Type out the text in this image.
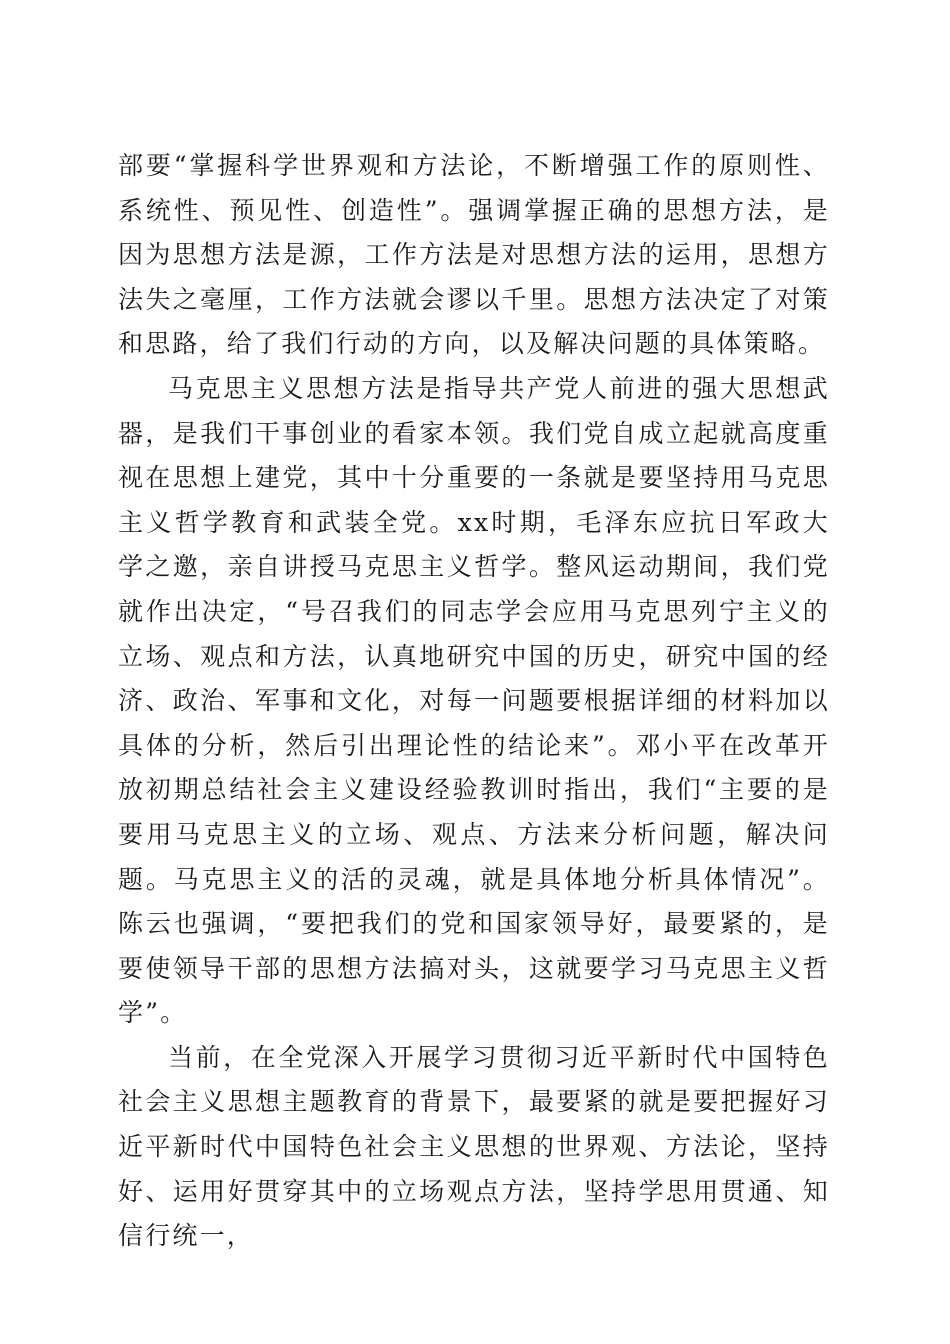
部要“掌握科学世界观和方法论，不断增强工作的原则性、系统性、预见性、创造性”。强调掌握正确的思想方法，是因为思想方法是源，工作方法是对思想方法的运用，思想方法失之毫厘，工作方法就会谬以千里。思想方法决定了对策和思路，给了我们行动的方向，以及解决问题的具体策略。

马克思主义思想方法是指导共产党人前进的强大思想武器，是我们干事创业的看家本领。我们党自成立起就高度重视在思想上建党，其中十分重要的一条就是要坚持用马克思主义哲学教育和武装全党。xx时期，毛泽东应抗日军政大学之邀，亲自讲授马克思主义哲学。整风运动期间，我们党就作出决定，“号召我们的同志学会应用马克思列宁主义的立场、观点和方法，认真地研究中国的历史，研究中国的经济、政治、军事和文化，对每一问题要根据详细的材料加以具体的分析，然后引出理论性的结论来”。邓小平在改革开放初期总结社会主义建设经验教训时指出，我们“主要的是要用马克思主义的立场、观点、方法来分析问题，解决问题。马克思主义的活的灵魂，就是具体地分析具体情况”。陈云也强调，“要把我们的党和国家领导好，最要紧的，是要使领导干部的思想方法搞对头，这就要学习马克思主义哲学”。

当前，在全党深入开展学习贯彻习近平新时代中国特色社会主义思想主题教育的背景下，最要紧的就是要把握好习近平新时代中国特色社会主义思想的世界观、方法论，坚持好、运用好贯穿其中的立场观点方法，坚持学思用贯通、知信行统一，
